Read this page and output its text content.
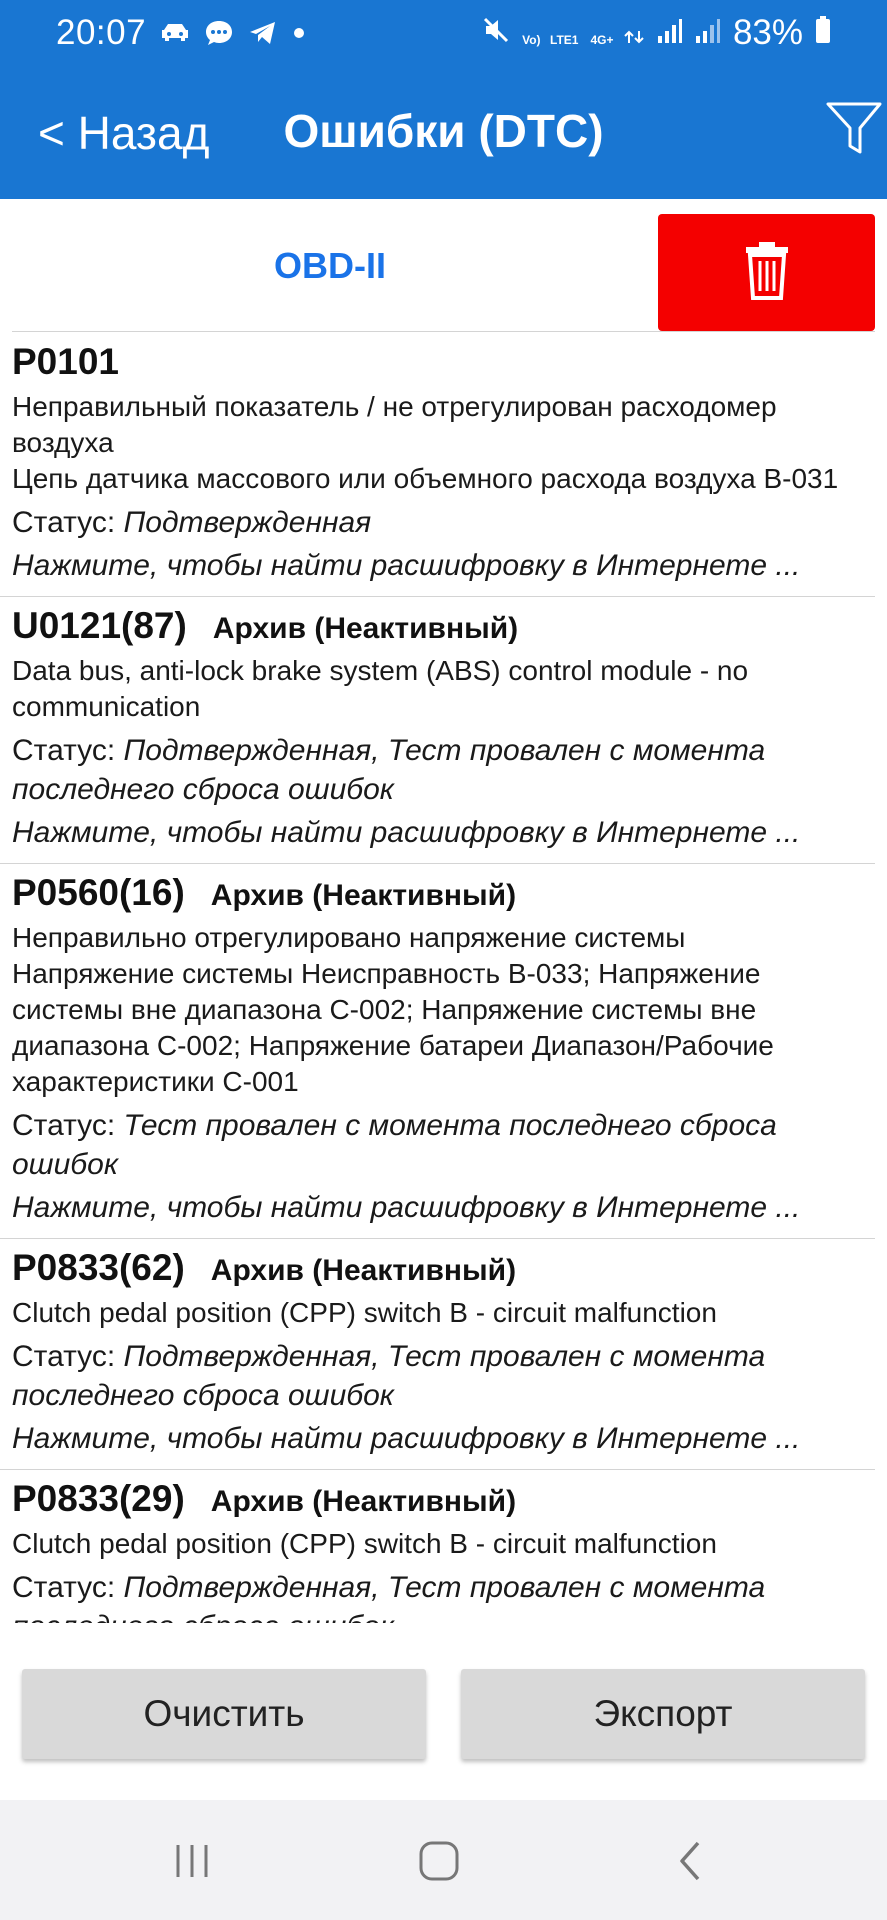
20:07	Vo) LTE1 4G+	83%
< Назад	Ошибки (DTC)
OBD-II
P0101
Неправильный показатель / не отрегулирован расходомер воздуха
Цепь датчика массового или объемного расхода воздуха B-031
Статус: Подтвержденная
Нажмите, чтобы найти расшифровку в Интернете ...
U0121(87) Архив (Неактивный)
Data bus, anti-lock brake system (ABS) control module - no communication
Статус: Подтвержденная, Тест провален с момента последнего сброса ошибок
Нажмите, чтобы найти расшифровку в Интернете ...
P0560(16) Архив (Неактивный)
Неправильно отрегулировано напряжение системы
Напряжение системы Неисправность B-033; Напряжение системы вне диапазона C-002; Напряжение системы вне диапазона C-002; Напряжение батареи Диапазон/Рабочие характеристики C-001
Статус: Тест провален с момента последнего сброса ошибок
Нажмите, чтобы найти расшифровку в Интернете ...
P0833(62) Архив (Неактивный)
Clutch pedal position (CPP) switch B - circuit malfunction
Статус: Подтвержденная, Тест провален с момента последнего сброса ошибок
Нажмите, чтобы найти расшифровку в Интернете ...
P0833(29) Архив (Неактивный)
Clutch pedal position (CPP) switch B - circuit malfunction
Статус: Подтвержденная, Тест провален с момента
Очистить	Экспорт
